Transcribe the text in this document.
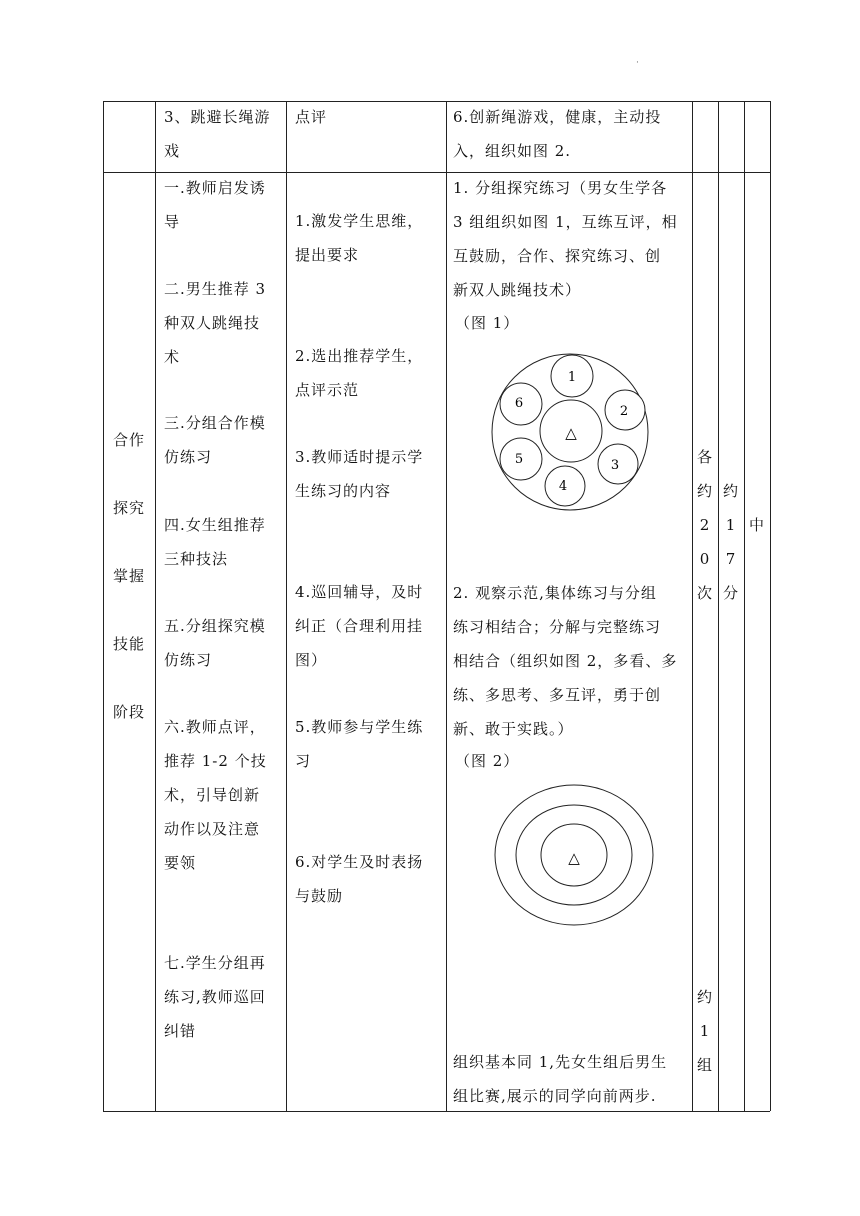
·
3、跳避长绳游
戏
点评	6.创新绳游戏，健康，主动投
入，组织如图 2.
合作
探究
掌握
技能
阶段
一.教师启发诱
导
二.男生推荐 3
种双人跳绳技
术
三.分组合作模
仿练习
四.女生组推荐
三种技法
五.分组探究模
仿练习
六.教师点评，
推荐 1-2 个技
术，引导创新
动作以及注意
要领
七.学生分组再
练习,教师巡回
纠错
1.激发学生思维，
提出要求
2.选出推荐学生，
点评示范
3.教师适时提示学
生练习的内容
4.巡回辅导，及时
纠正（合理利用挂
图）
5.教师参与学生练
习
6.对学生及时表扬
与鼓励
1. 分组探究练习（男女生学各
3 组组织如图 1，互练互评，相
互鼓励，合作、探究练习、创
新双人跳绳技术）
（图 1）
△
1
2
3
4
5
6
2. 观察示范,集体练习与分组
练习相结合；分解与完整练习
相结合（组织如图 2，多看、多
练、多思考、多互评，勇于创
新、敢于实践。）
（图 2）
△
组织基本同 1,先女生组后男生
组比赛,展示的同学向前两步.
各
约
2
0
次
约
1
组
约
1
7
分
中
